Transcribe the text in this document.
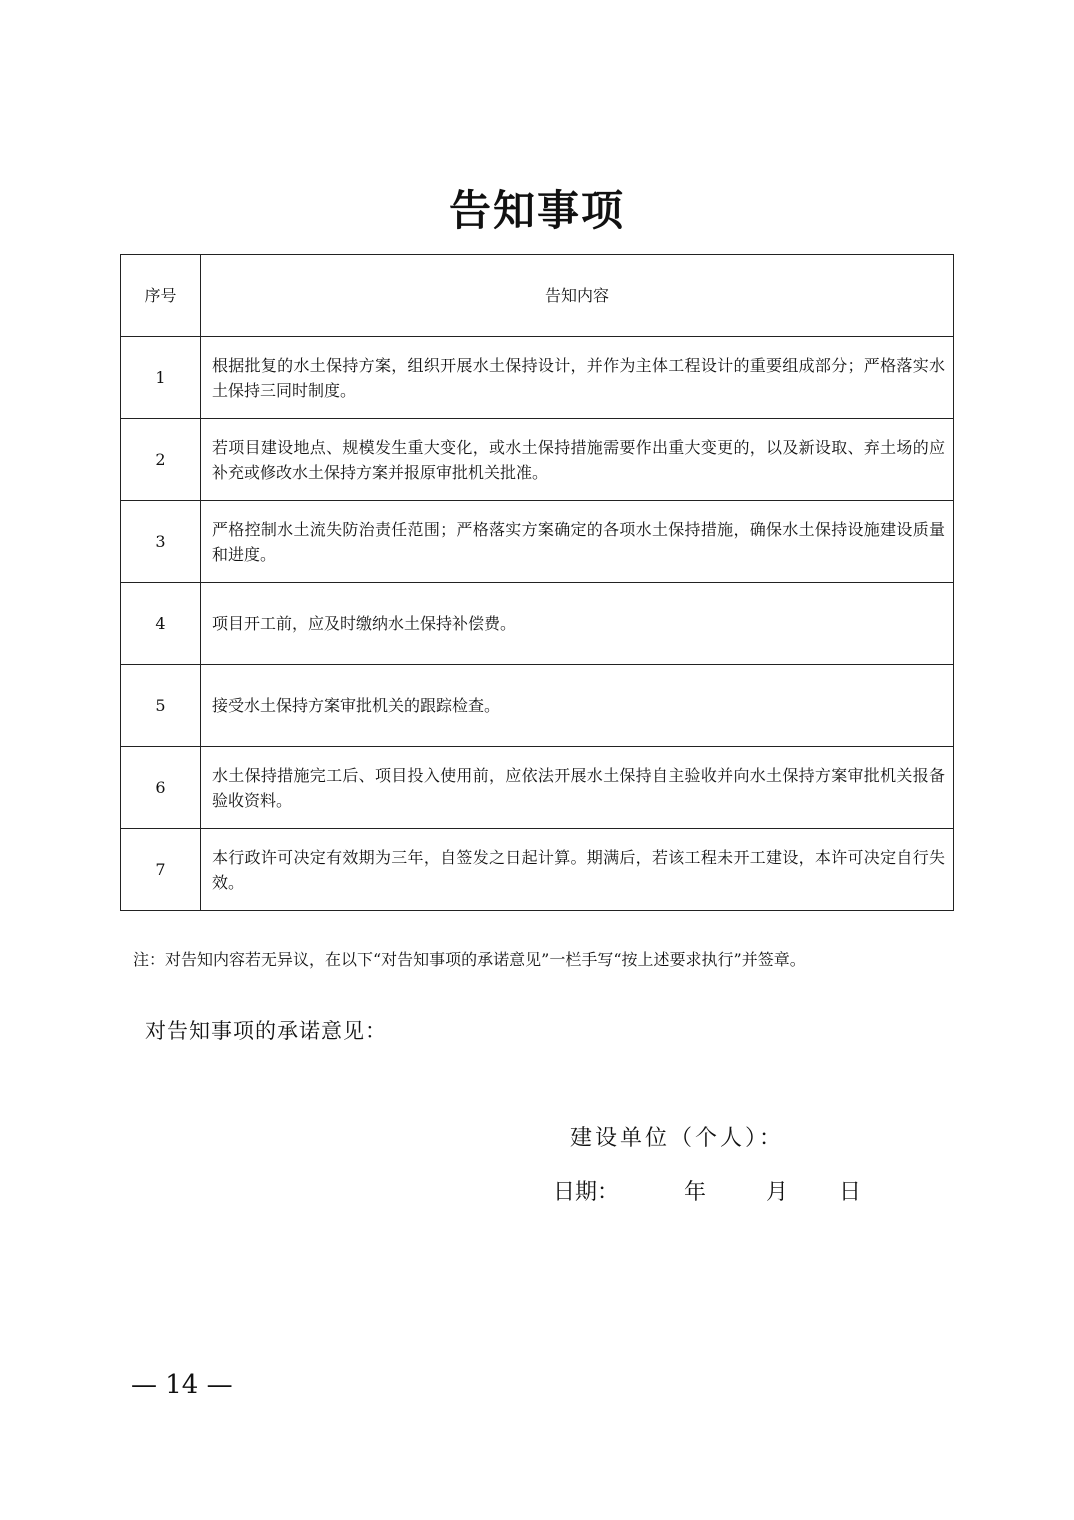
告知事项
序号	告知内容
1	根据批复的水土保持方案，组织开展水土保持设计，并作为主体工程设计的重要组成部分；严格落实水土保持三同时制度。
2	若项目建设地点、规模发生重大变化，或水土保持措施需要作出重大变更的，以及新设取、弃土场的应补充或修改水土保持方案并报原审批机关批准。
3	严格控制水土流失防治责任范围；严格落实方案确定的各项水土保持措施，确保水土保持设施建设质量和进度。
4	项目开工前，应及时缴纳水土保持补偿费。
5	接受水土保持方案审批机关的跟踪检查。
6	水土保持措施完工后、项目投入使用前，应依法开展水土保持自主验收并向水土保持方案审批机关报备验收资料。
7	本行政许可决定有效期为三年，自签发之日起计算。期满后，若该工程未开工建设，本许可决定自行失效。
注：对告知内容若无异议，在以下“对告知事项的承诺意见”一栏手写“按上述要求执行”并签章。
对告知事项的承诺意见：
建设单位（个人）：
日期：	年	月 日
— 14 —
